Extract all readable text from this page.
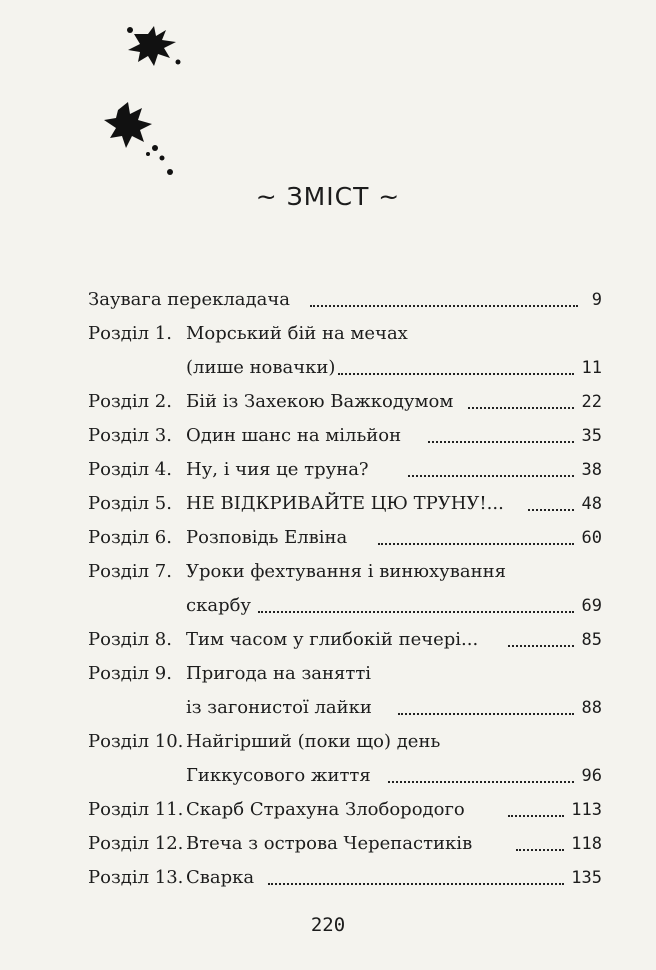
~ ЗМІСТ ~
Заувага перекладача	9
Розділ 1. Морський бій на мечах
(лише новачки)	11
Розділ 2. Бій із Захекою Важкодумом	22
Розділ 3. Один шанс на мільйон	35
Розділ 4. Ну, і чия це труна?	38
Розділ 5. НЕ ВІДКРИВАЙТЕ ЦЮ ТРУНУ!...	48
Розділ 6. Розповідь Елвіна	60
Розділ 7. Уроки фехтування і винюхування
скарбу	69
Розділ 8. Тим часом у глибокій печері...	85
Розділ 9. Пригода на занятті
із загонистої лайки	88
Розділ 10. Найгірший (поки що) день
Гиккусового життя	96
Розділ 11. Скарб Страхуна Злобородого	113
Розділ 12. Втеча з острова Черепастиків	118
Розділ 13. Сварка	135
220
